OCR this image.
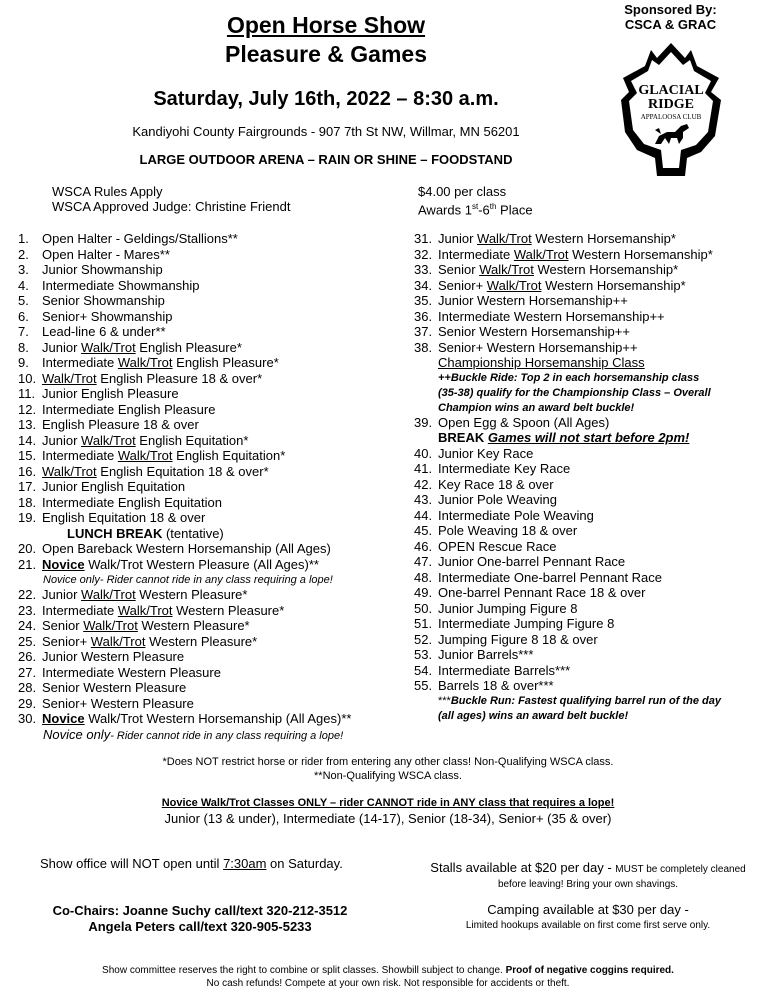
Open Horse Show
Pleasure & Games
Saturday, July 16th, 2022 – 8:30 a.m.
Kandiyohi County Fairgrounds - 907 7th St NW, Willmar, MN 56201
LARGE OUTDOOR ARENA – RAIN OR SHINE – FOODSTAND
Sponsored By:
CSCA & GRAC
GLACIAL
RIDGE
APPALOOSA CLUB
WSCA Rules Apply
WSCA Approved Judge: Christine Friendt
$4.00 per class
Awards 1st-6th Place
1.	Open Halter - Geldings/Stallions**
2.	Open Halter - Mares**
3.	Junior Showmanship
4.	Intermediate Showmanship
5.	Senior Showmanship
6.	Senior+ Showmanship
7.	Lead-line 6 & under**
8.	Junior Walk/Trot English Pleasure*
9.	Intermediate Walk/Trot English Pleasure*
10. Walk/Trot English Pleasure 18 & over*
11. Junior English Pleasure
12. Intermediate English Pleasure
13. English Pleasure 18 & over
14. Junior Walk/Trot English Equitation*
15. Intermediate Walk/Trot English Equitation*
16. Walk/Trot English Equitation 18 & over*
17. Junior English Equitation
18. Intermediate English Equitation
19. English Equitation 18 & over
LUNCH BREAK (tentative)
20. Open Bareback Western Horsemanship (All Ages)
21. Novice Walk/Trot Western Pleasure (All Ages)**
Novice only- Rider cannot ride in any class requiring a lope!
22. Junior Walk/Trot Western Pleasure*
23. Intermediate Walk/Trot Western Pleasure*
24. Senior Walk/Trot Western Pleasure*
25. Senior+ Walk/Trot Western Pleasure*
26. Junior Western Pleasure
27. Intermediate Western Pleasure
28. Senior Western Pleasure
29. Senior+ Western Pleasure
30. Novice Walk/Trot Western Horsemanship (All Ages)**
Novice only- Rider cannot ride in any class requiring a lope!
31. Junior Walk/Trot Western Horsemanship*
32. Intermediate Walk/Trot Western Horsemanship*
33. Senior Walk/Trot Western Horsemanship*
34. Senior+ Walk/Trot Western Horsemanship*
35. Junior Western Horsemanship++
36. Intermediate Western Horsemanship++
37. Senior Western Horsemanship++
38. Senior+ Western Horsemanship++
Championship Horsemanship Class
++Buckle Ride: Top 2 in each horsemanship class
(35-38) qualify for the Championship Class – Overall
Champion wins an award belt buckle!
39. Open Egg & Spoon (All Ages)
BREAK Games will not start before 2pm!
40. Junior Key Race
41. Intermediate Key Race
42. Key Race 18 & over
43. Junior Pole Weaving
44. Intermediate Pole Weaving
45. Pole Weaving 18 & over
46. OPEN Rescue Race
47. Junior One-barrel Pennant Race
48. Intermediate One-barrel Pennant Race
49. One-barrel Pennant Race 18 & over
50. Junior Jumping Figure 8
51. Intermediate Jumping Figure 8
52. Jumping Figure 8 18 & over
53. Junior Barrels***
54. Intermediate Barrels***
55. Barrels 18 & over***
***Buckle Run: Fastest qualifying barrel run of the day
(all ages) wins an award belt buckle!
*Does NOT restrict horse or rider from entering any other class! Non-Qualifying WSCA class.
**Non-Qualifying WSCA class.
Novice Walk/Trot Classes ONLY – rider CANNOT ride in ANY class that requires a lope!
Junior (13 & under), Intermediate (14-17), Senior (18-34), Senior+ (35 & over)
Show office will NOT open until 7:30am on Saturday.	Stalls available at $20 per day - MUST be completely cleaned
before leaving! Bring your own shavings.
Co-Chairs: Joanne Suchy call/text 320-212-3512
Angela Peters call/text 320-905-5233
Camping available at $30 per day -
Limited hookups available on first come first serve only.
Show committee reserves the right to combine or split classes. Showbill subject to change. Proof of negative coggins required.
No cash refunds! Compete at your own risk. Not responsible for accidents or theft.
